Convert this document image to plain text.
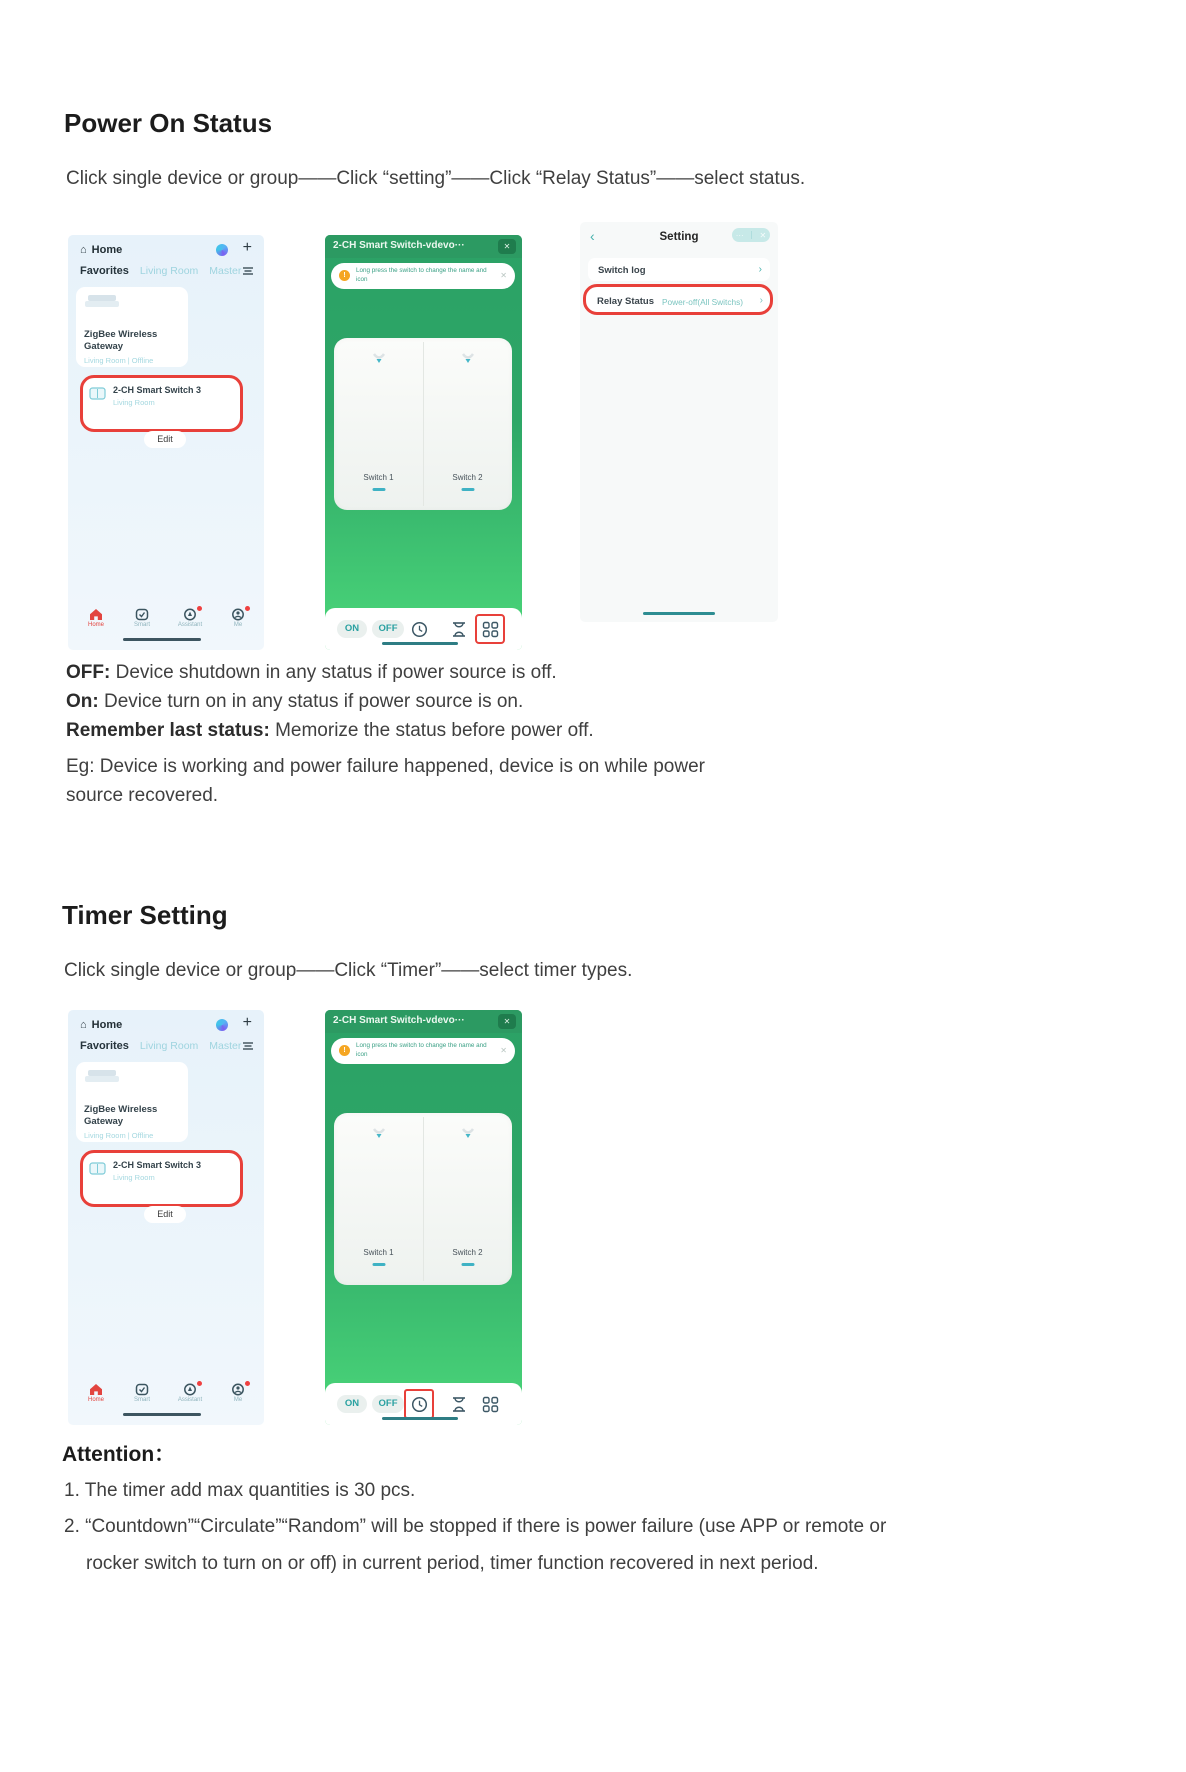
Power On Status
Click single device or group——Click “setting”——Click “Relay Status”——select status.
⌂ Home	+
Favorites Living Room Master
ZigBee Wireless Gateway
Living Room | Offline
2-CH Smart Switch 3
Living Room
Edit
Home	Smart	Assistant	Me
2-CH Smart Switch-vdevo···	✕
!
Long press the switch to change the name and icon	✕
Switch 1	Switch 2
ON	OFF
‹	Setting	··· ✕
Switch log	›
Relay Status Power-off(All Switchs) ›
OFF: Device shutdown in any status if power source is off.
On: Device turn on in any status if power source is on.
Remember last status: Memorize the status before power off.
Eg: Device is working and power failure happened, device is on while power source recovered.
Timer Setting
Click single device or group——Click “Timer”——select timer types.
⌂ Home	+
Favorites Living Room Master
ZigBee Wireless Gateway
Living Room | Offline
2-CH Smart Switch 3
Living Room
Edit
Home	Smart	Assistant	Me
2-CH Smart Switch-vdevo···	✕
!
Long press the switch to change the name and icon	✕
Switch 1	Switch 2
ON	OFF
Attention：
1. The timer add max quantities is 30 pcs.
2. “Countdown”“Circulate”“Random” will be stopped if there is power failure (use APP or remote or
rocker switch to turn on or off) in current period, timer function recovered in next period.
